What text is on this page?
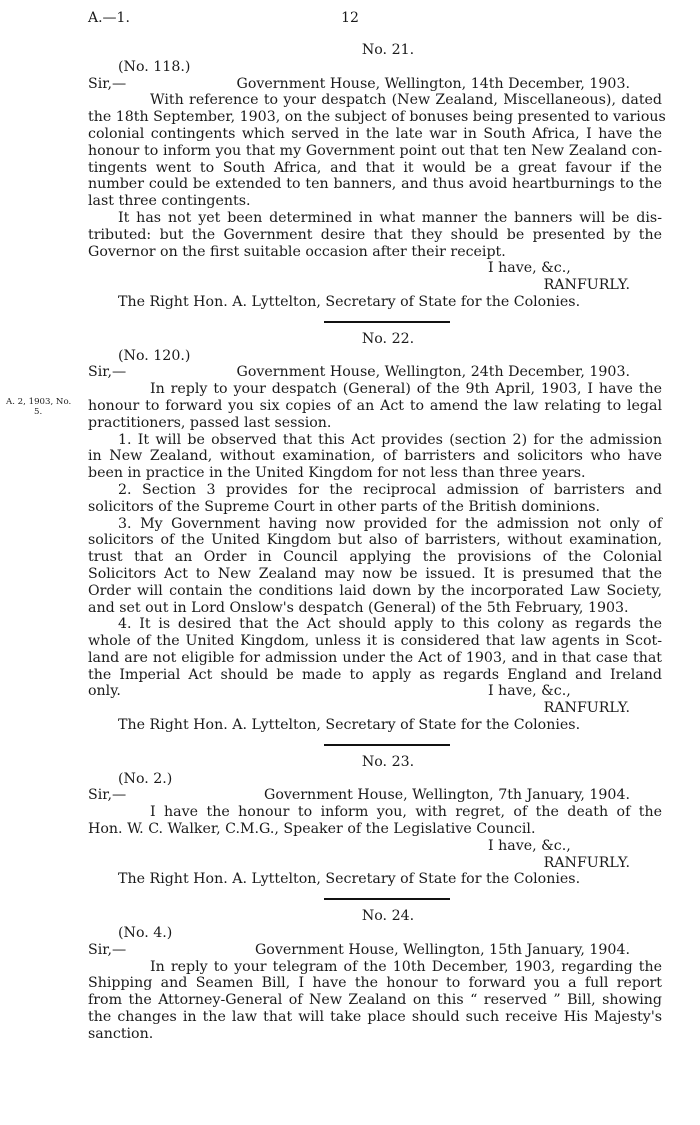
A.—1.	12
No. 21.
(No. 118.)
Sir,—	Government House, Wellington, 14th December, 1903.
With reference to your despatch (New Zealand, Miscellaneous), dated
the 18th September, 1903, on the subject of bonuses being presented to various
colonial contingents which served in the late war in South Africa, I have the
honour to inform you that my Government point out that ten New Zealand con-
tingents went to South Africa, and that it would be a great favour if the
number could be extended to ten banners, and thus avoid heartburnings to the
last three contingents.
It has not yet been determined in what manner the banners will be dis-
tributed: but the Government desire that they should be presented by the
Governor on the first suitable occasion after their receipt.
I have, &c.,
RANFURLY.
The Right Hon. A. Lyttelton, Secretary of State for the Colonies.
No. 22.
(No. 120.)
Sir,—	Government House, Wellington, 24th December, 1903.
In reply to your despatch (General) of the 9th April, 1903, I have the
honour to forward you six copies of an Act to amend the law relating to legal
practitioners, passed last session.
1. It will be observed that this Act provides (section 2) for the admission
in New Zealand, without examination, of barristers and solicitors who have
been in practice in the United Kingdom for not less than three years.
2. Section 3 provides for the reciprocal admission of barristers and
solicitors of the Supreme Court in other parts of the British dominions.
3. My Government having now provided for the admission not only of
solicitors of the United Kingdom but also of barristers, without examination,
trust that an Order in Council applying the provisions of the Colonial
Solicitors Act to New Zealand may now be issued. It is presumed that the
Order will contain the conditions laid down by the incorporated Law Society,
and set out in Lord Onslow's despatch (General) of the 5th February, 1903.
4. It is desired that the Act should apply to this colony as regards the
whole of the United Kingdom, unless it is considered that law agents in Scot-
land are not eligible for admission under the Act of 1903, and in that case that
the Imperial Act should be made to apply as regards England and Ireland
only.	I have, &c.,
RANFURLY.
The Right Hon. A. Lyttelton, Secretary of State for the Colonies.
No. 23.
(No. 2.)
Sir,—	Government House, Wellington, 7th January, 1904.
I have the honour to inform you, with regret, of the death of the
Hon. W. C. Walker, C.M.G., Speaker of the Legislative Council.
I have, &c.,
RANFURLY.
The Right Hon. A. Lyttelton, Secretary of State for the Colonies.
No. 24.
(No. 4.)
Sir,—	Government House, Wellington, 15th January, 1904.
In reply to your telegram of the 10th December, 1903, regarding the
Shipping and Seamen Bill, I have the honour to forward you a full report
from the Attorney-General of New Zealand on this “ reserved ” Bill, showing
the changes in the law that will take place should such receive His Majesty's
sanction.
A. 2, 1903, No.
5.
